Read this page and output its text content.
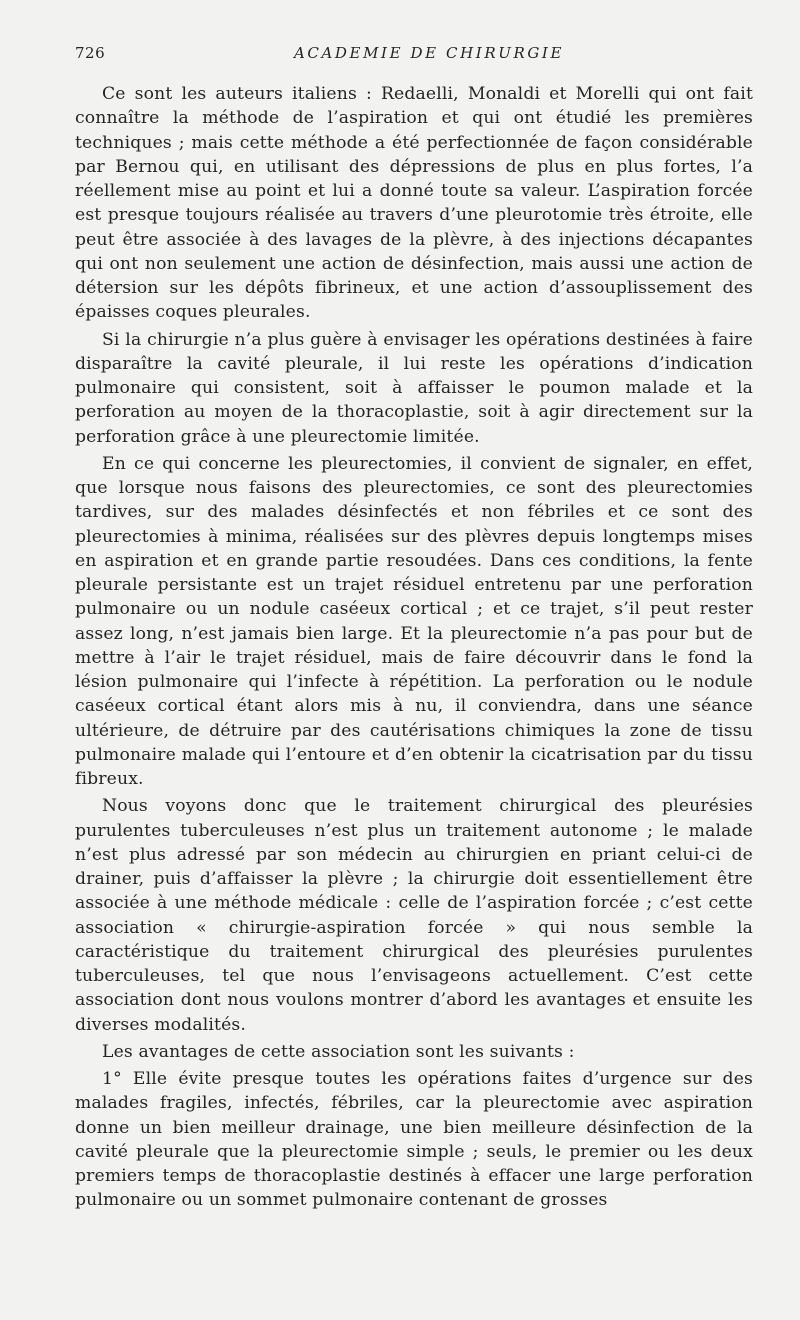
726	ACADEMIE DE CHIRURGIE

Ce sont les auteurs italiens : Redaelli, Monaldi et Morelli qui ont fait connaître la méthode de l’aspiration et qui ont étudié les premières techniques ; mais cette méthode a été perfectionnée de façon considérable par Bernou qui, en utilisant des dépressions de plus en plus fortes, l’a réellement mise au point et lui a donné toute sa valeur. L’aspiration forcée est presque toujours réalisée au travers d’une pleurotomie très étroite, elle peut être associée à des lavages de la plèvre, à des injections décapantes qui ont non seulement une action de désinfection, mais aussi une action de détersion sur les dépôts fibrineux, et une action d’assouplissement des épaisses coques pleurales.

Si la chirurgie n’a plus guère à envisager les opérations destinées à faire disparaître la cavité pleurale, il lui reste les opérations d’indication pulmonaire qui consistent, soit à affaisser le poumon malade et la perforation au moyen de la thoracoplastie, soit à agir directement sur la perforation grâce à une pleurectomie limitée.

En ce qui concerne les pleurectomies, il convient de signaler, en effet, que lorsque nous faisons des pleurectomies, ce sont des pleurectomies tardives, sur des malades désinfectés et non fébriles et ce sont des pleurectomies à minima, réalisées sur des plèvres depuis longtemps mises en aspiration et en grande partie resoudées. Dans ces conditions, la fente pleurale persistante est un trajet résiduel entretenu par une perforation pulmonaire ou un nodule caséeux cortical ; et ce trajet, s’il peut rester assez long, n’est jamais bien large. Et la pleurectomie n’a pas pour but de mettre à l’air le trajet résiduel, mais de faire découvrir dans le fond la lésion pulmonaire qui l’infecte à répétition. La perforation ou le nodule caséeux cortical étant alors mis à nu, il conviendra, dans une séance ultérieure, de détruire par des cautérisations chimiques la zone de tissu pulmonaire malade qui l’entoure et d’en obtenir la cicatrisation par du tissu fibreux.

Nous voyons donc que le traitement chirurgical des pleurésies purulentes tuberculeuses n’est plus un traitement autonome ; le malade n’est plus adressé par son médecin au chirurgien en priant celui-ci de drainer, puis d’affaisser la plèvre ; la chirurgie doit essentiellement être associée à une méthode médicale : celle de l’aspiration forcée ; c’est cette association « chirurgie-aspiration forcée » qui nous semble la caractéristique du traitement chirurgical des pleurésies purulentes tuberculeuses, tel que nous l’envisageons actuellement. C’est cette association dont nous voulons montrer d’abord les avantages et ensuite les diverses modalités.

Les avantages de cette association sont les suivants :

1° Elle évite presque toutes les opérations faites d’urgence sur des malades fragiles, infectés, fébriles, car la pleurectomie avec aspiration donne un bien meilleur drainage, une bien meilleure désinfection de la cavité pleurale que la pleurectomie simple ; seuls, le premier ou les deux premiers temps de thoracoplastie destinés à effacer une large perforation pulmonaire ou un sommet pulmonaire contenant de grosses
